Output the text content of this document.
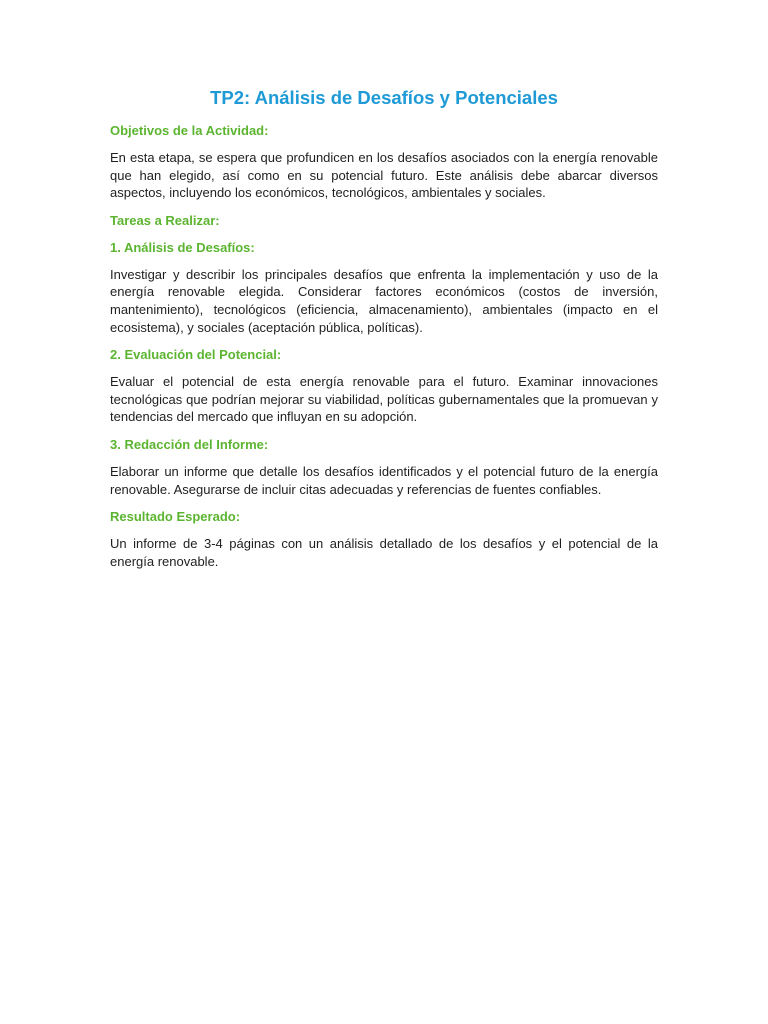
TP2: Análisis de Desafíos y Potenciales
Objetivos de la Actividad:

En esta etapa, se espera que profundicen en los desafíos asociados con la energía renovable que han elegido, así como en su potencial futuro. Este análisis debe abarcar diversos aspectos, incluyendo los económicos, tecnológicos, ambientales y sociales.

Tareas a Realizar:
1. Análisis de Desafíos:

Investigar y describir los principales desafíos que enfrenta la implementación y uso de la energía renovable elegida. Considerar factores económicos (costos de inversión, mantenimiento), tecnológicos (eficiencia, almacenamiento), ambientales (impacto en el ecosistema), y sociales (aceptación pública, políticas).

2. Evaluación del Potencial:

Evaluar el potencial de esta energía renovable para el futuro. Examinar innovaciones tecnológicas que podrían mejorar su viabilidad, políticas gubernamentales que la promuevan y tendencias del mercado que influyan en su adopción.

3. Redacción del Informe:

Elaborar un informe que detalle los desafíos identificados y el potencial futuro de la energía renovable. Asegurarse de incluir citas adecuadas y referencias de fuentes confiables.

Resultado Esperado:

Un informe de 3-4 páginas con un análisis detallado de los desafíos y el potencial de la energía renovable.
